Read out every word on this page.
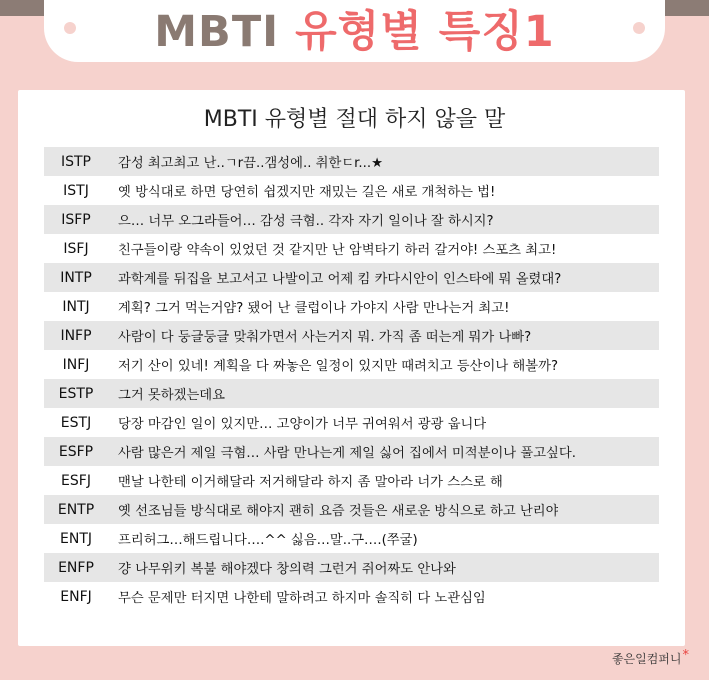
MBTI 유형별 특징1
MBTI 유형별 절대 하지 않을 말
ISTP	감성 최고최고 난..ㄱr끔..갬성에.. 취한ㄷr...★
ISTJ	옛 방식대로 하면 당연히 쉽겠지만 재밌는 길은 새로 개척하는 법!
ISFP	으… 너무 오그라들어… 감성 극혐.. 각자 자기 일이나 잘 하시지?
ISFJ	친구들이랑 약속이 있었던 것 같지만 난 암벽타기 하러 갈거야! 스포츠 최고!
INTP	과학계를 뒤집을 보고서고 나발이고 어제 킴 카다시안이 인스타에 뭐 올렸대?
INTJ	계획? 그거 먹는거얌? 됐어 난 클럽이나 가야지 사람 만나는거 최고!
INFP	사람이 다 둥글둥글 맞춰가면서 사는거지 뭐. 가직 좀 떠는게 뭐가 나빠?
INFJ	저기 산이 있네! 계획을 다 짜놓은 일정이 있지만 때려치고 등산이나 해볼까?
ESTP	그거 못하겠는데요
ESTJ	당장 마감인 일이 있지만… 고양이가 너무 귀여워서 광광 웁니다
ESFP	사람 많은거 제일 극혐… 사람 만나는게 제일 싫어 집에서 미적분이나 풀고싶다.
ESFJ	맨날 나한테 이거해달라 저거해달라 하지 좀 말아라 너가 스스로 해
ENTP	옛 선조님들 방식대로 해야지 괜히 요즘 것들은 새로운 방식으로 하고 난리야
ENTJ	프리허그…해드립니다….^^ 싫음…말..구….(쭈굴)
ENFP	걍 나무위키 복불 해야겠다 창의력 그런거 쥐어짜도 안나와
ENFJ	무슨 문제만 터지면 나한테 말하려고 하지마 솔직히 다 노관심임
좋은일컴퍼니*
